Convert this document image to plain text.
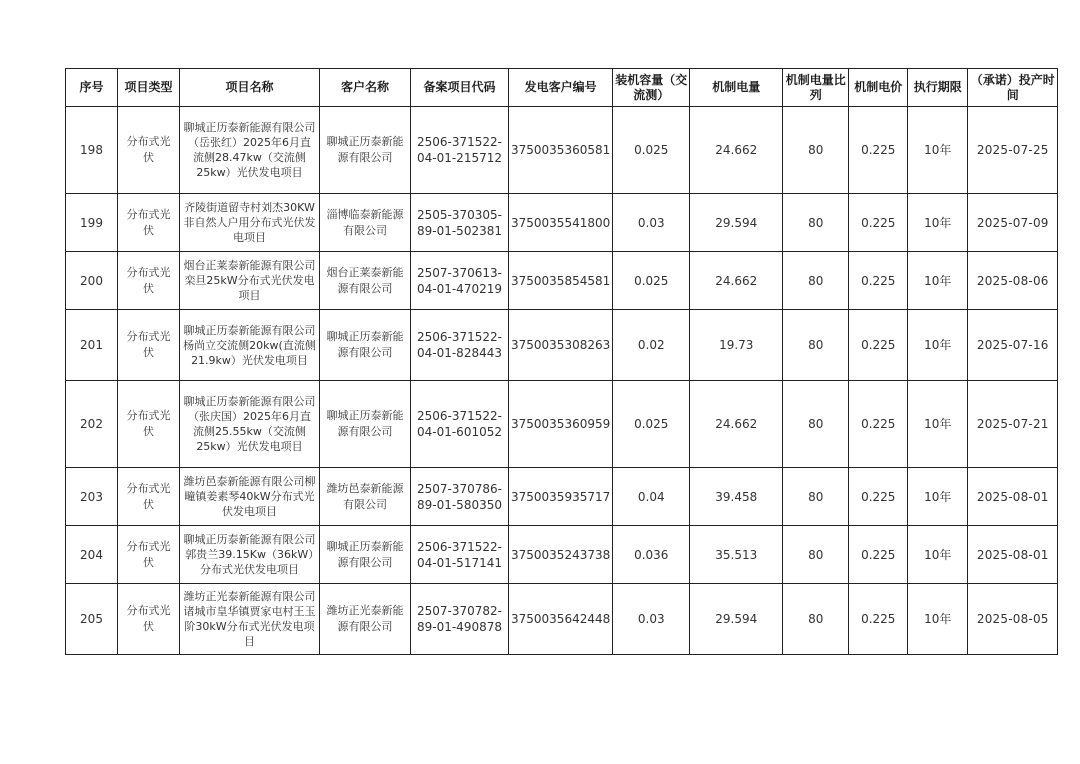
序号	项目类型	项目名称	客户名称	备案项目代码	发电客户编号	装机容量（交流测）	机制电量	机制电量比列	机制电价	执行期限	（承诺）投产时间
198	分布式光伏	聊城正历泰新能源有限公司（岳张红）2025年6月直流侧28.47kw（交流侧25kw）光伏发电项目	聊城正历泰新能源有限公司	2506-371522-04-01-215712	3750035360581	0.025	24.662	80	0.225	10年	2025-07-25
199	分布式光伏	齐陵街道留寺村刘杰30KW非自然人户用分布式光伏发电项目	淄博临泰新能源有限公司	2505-370305-89-01-502381	3750035541800	0.03	29.594	80	0.225	10年	2025-07-09
200	分布式光伏	烟台正莱泰新能源有限公司栾旦25kW分布式光伏发电项目	烟台正莱泰新能源有限公司	2507-370613-04-01-470219	3750035854581	0.025	24.662	80	0.225	10年	2025-08-06
201	分布式光伏	聊城正历泰新能源有限公司杨尚立交流侧20kw(直流侧21.9kw）光伏发电项目	聊城正历泰新能源有限公司	2506-371522-04-01-828443	3750035308263	0.02	19.73	80	0.225	10年	2025-07-16
202	分布式光伏	聊城正历泰新能源有限公司（张庆国）2025年6月直流侧25.55kw（交流侧25kw）光伏发电项目	聊城正历泰新能源有限公司	2506-371522-04-01-601052	3750035360959	0.025	24.662	80	0.225	10年	2025-07-21
203	分布式光伏	潍坊邑泰新能源有限公司柳疃镇姜素琴40kW分布式光伏发电项目	潍坊邑泰新能源有限公司	2507-370786-89-01-580350	3750035935717	0.04	39.458	80	0.225	10年	2025-08-01
204	分布式光伏	聊城正历泰新能源有限公司郭贵兰39.15Kw（36kW）分布式光伏发电项目	聊城正历泰新能源有限公司	2506-371522-04-01-517141	3750035243738	0.036	35.513	80	0.225	10年	2025-08-01
205	分布式光伏	潍坊正光泰新能源有限公司诸城市皇华镇贾家屯村王玉阶30kW分布式光伏发电项目	潍坊正光泰新能源有限公司	2507-370782-89-01-490878	3750035642448	0.03	29.594	80	0.225	10年	2025-08-05
